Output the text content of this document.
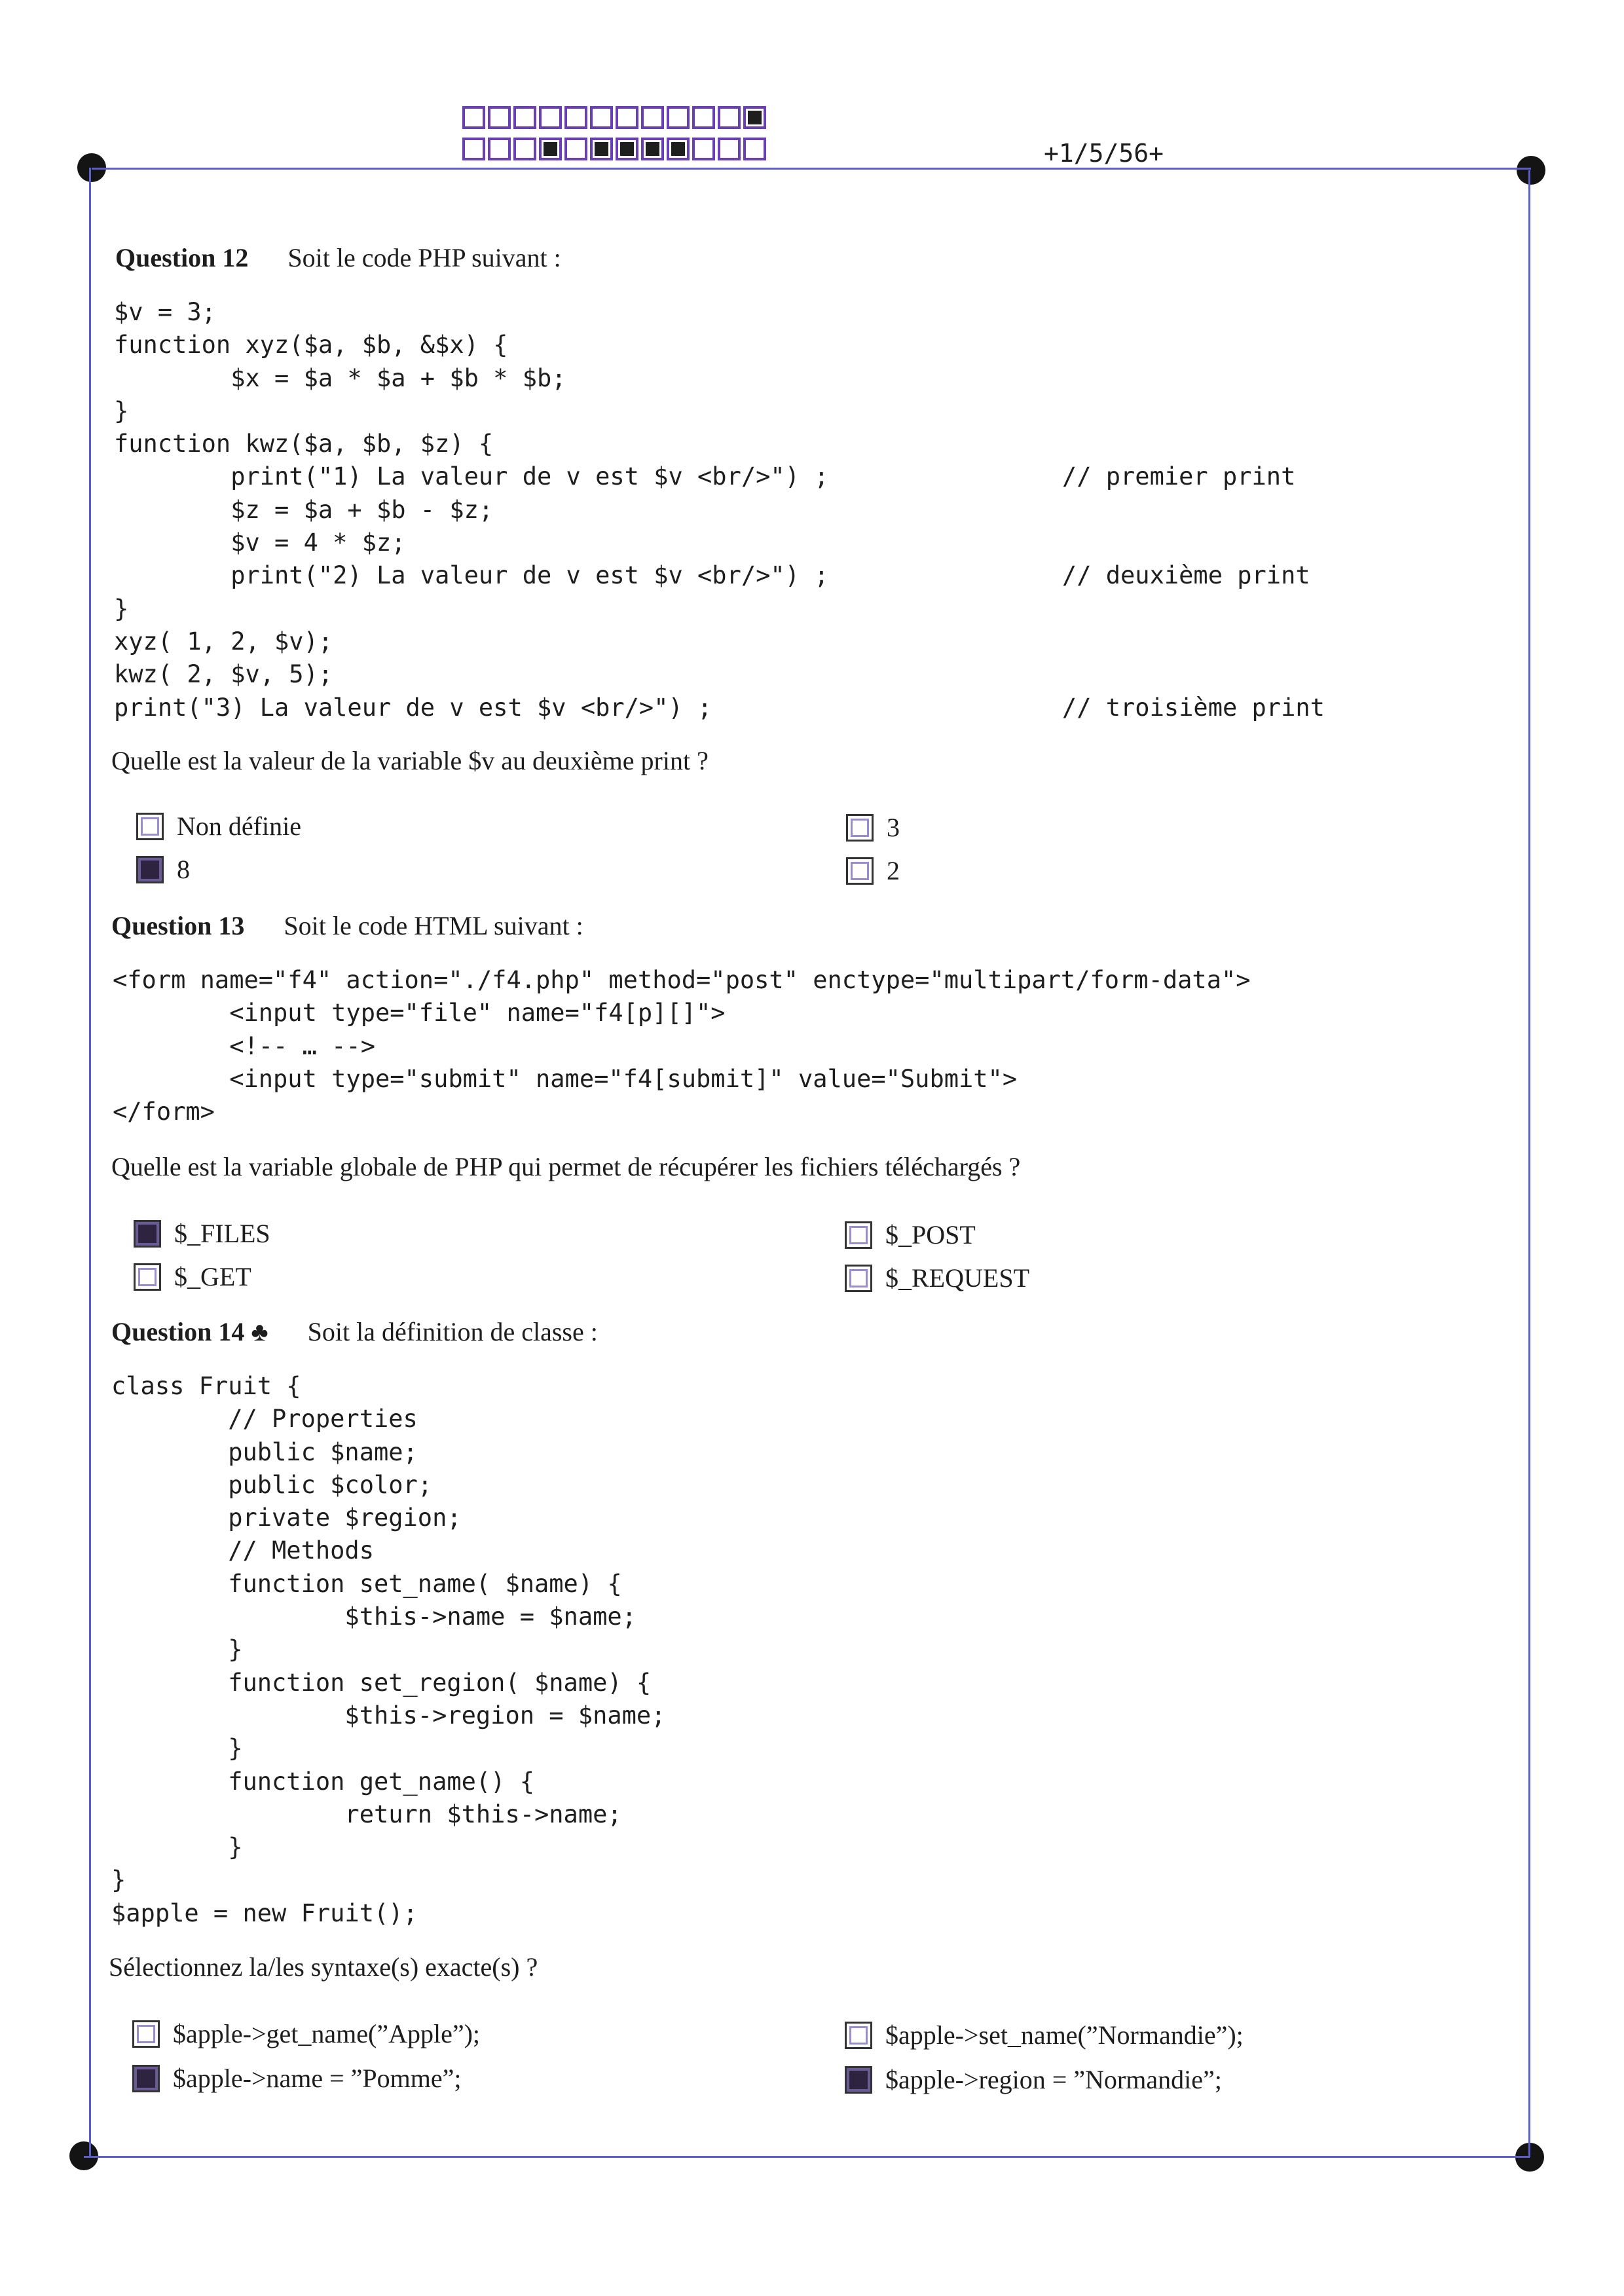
+1/5/56+
Question 12 Soit le code PHP suivant :
$v = 3;
function xyz($a, $b, &$x) {
$x = $a * $a + $b * $b;
}
function kwz($a, $b, $z) {
print("1) La valeur de v est $v <br/>") ;                // premier print
$z = $a + $b - $z;
$v = 4 * $z;
print("2) La valeur de v est $v <br/>") ;                // deuxième print
}
xyz( 1, 2, $v);
kwz( 2, $v, 5);
print("3) La valeur de v est $v <br/>") ;                        // troisième print
Quelle est la valeur de la variable $v au deuxième print ?
Non définie
8
3
2
Question 13 Soit le code HTML suivant :
<form name="f4" action="./f4.php" method="post" enctype="multipart/form-data">
<input type="file" name="f4[p][]">
<!-- … -->
<input type="submit" name="f4[submit]" value="Submit">
</form>
Quelle est la variable globale de PHP qui permet de récupérer les fichiers téléchargés ?
$_FILES
$_GET
$_POST
$_REQUEST
Question 14 ♣ Soit la définition de classe :
class Fruit {
// Properties
public $name;
public $color;
private $region;
// Methods
function set_name( $name) {
$this->name = $name;
}
function set_region( $name) {
$this->region = $name;
}
function get_name() {
return $this->name;
}
}
$apple = new Fruit();
Sélectionnez la/les syntaxe(s) exacte(s) ?
$apple->get_name(”Apple”);
$apple->name = ”Pomme”;
$apple->set_name(”Normandie”);
$apple->region = ”Normandie”;
